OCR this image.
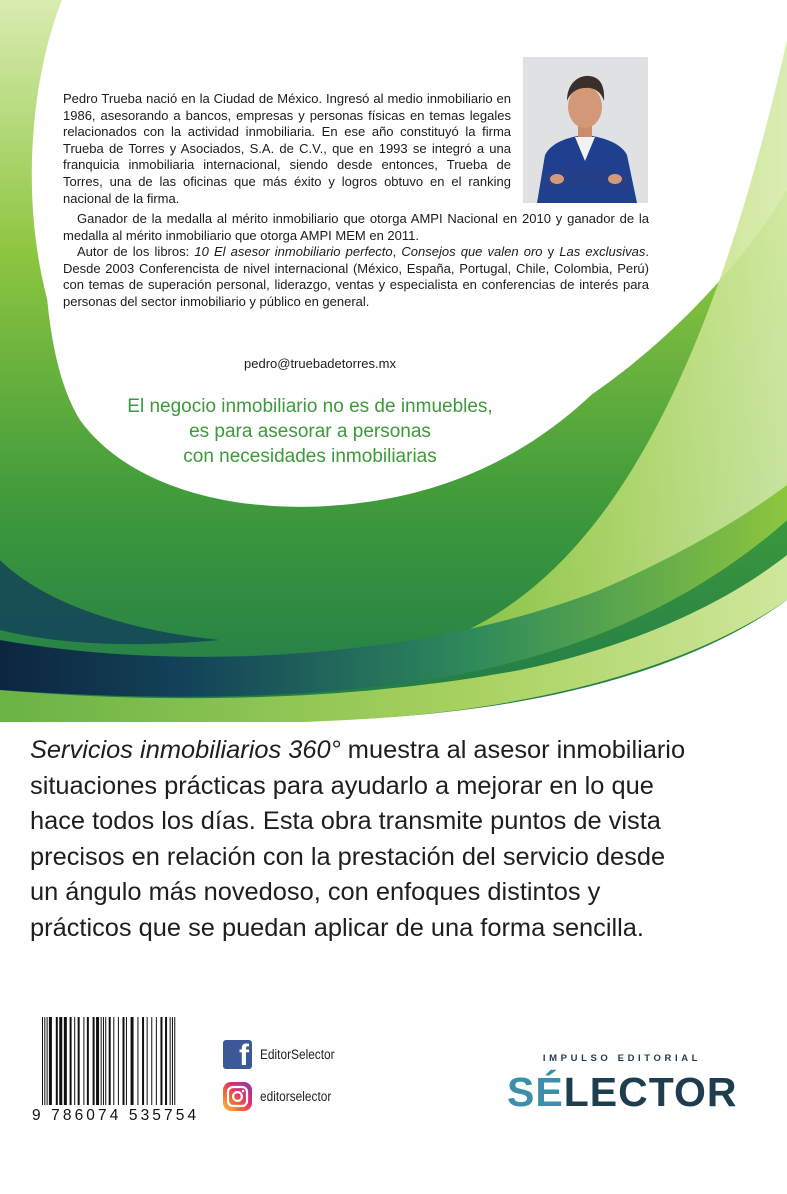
Pedro Trueba nació en la Ciudad de México. Ingresó al medio inmobiliario en 1986, asesorando a bancos, empresas y personas físicas en temas legales relacionados con la actividad inmobiliaria. En ese año constituyó la firma Trueba de Torres y Asociados, S.A. de C.V., que en 1993 se integró a una franquicia inmobiliaria internacional, siendo desde entonces, Trueba de Torres, una de las oficinas que más éxito y logros obtuvo en el ranking nacional de la firma.

Ganador de la medalla al mérito inmobiliario que otorga AMPI Nacional en 2010 y ganador de la medalla al mérito inmobiliario que otorga AMPI MEM en 2011.

Autor de los libros: 10 El asesor inmobiliario perfecto, Consejos que valen oro y Las exclusivas. Desde 2003 Conferencista de nivel internacional (México, España, Portugal, Chile, Colombia, Perú) con temas de superación personal, liderazgo, ventas y especialista en conferencias de interés para personas del sector inmobiliario y público en general.

pedro@truebadetorres.mx
El negocio inmobiliario no es de inmuebles,
es para asesorar a personas
con necesidades inmobiliarias
Servicios inmobiliarios 360° muestra al asesor inmobiliario
situaciones prácticas para ayudarlo a mejorar en lo que
hace todos los días. Esta obra transmite puntos de vista
precisos en relación con la prestación del servicio desde
un ángulo más novedoso, con enfoques distintos y
prácticos que se puedan aplicar de una forma sencilla.
9 786074 535754
f EditorSelector
editorselector
IMPULSO EDITORIAL
SÉLECTOR
